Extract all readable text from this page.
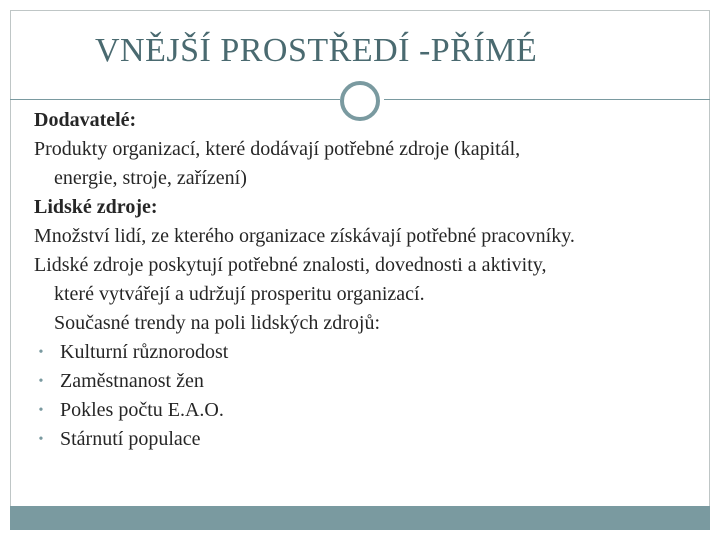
VNĚJŠÍ PROSTŘEDÍ -PŘÍMÉ
Dodavatelé:
Produkty organizací, které dodávají potřebné zdroje (kapitál,
energie, stroje, zařízení)
Lidské zdroje:
Množství lidí, ze kterého organizace získávají potřebné pracovníky.
Lidské zdroje poskytují potřebné znalosti, dovednosti a aktivity,
které vytvářejí a udržují prosperitu organizací.
Současné trendy na poli lidských zdrojů:
• Kulturní různorodost
• Zaměstnanost žen
• Pokles počtu E.A.O.
• Stárnutí populace
